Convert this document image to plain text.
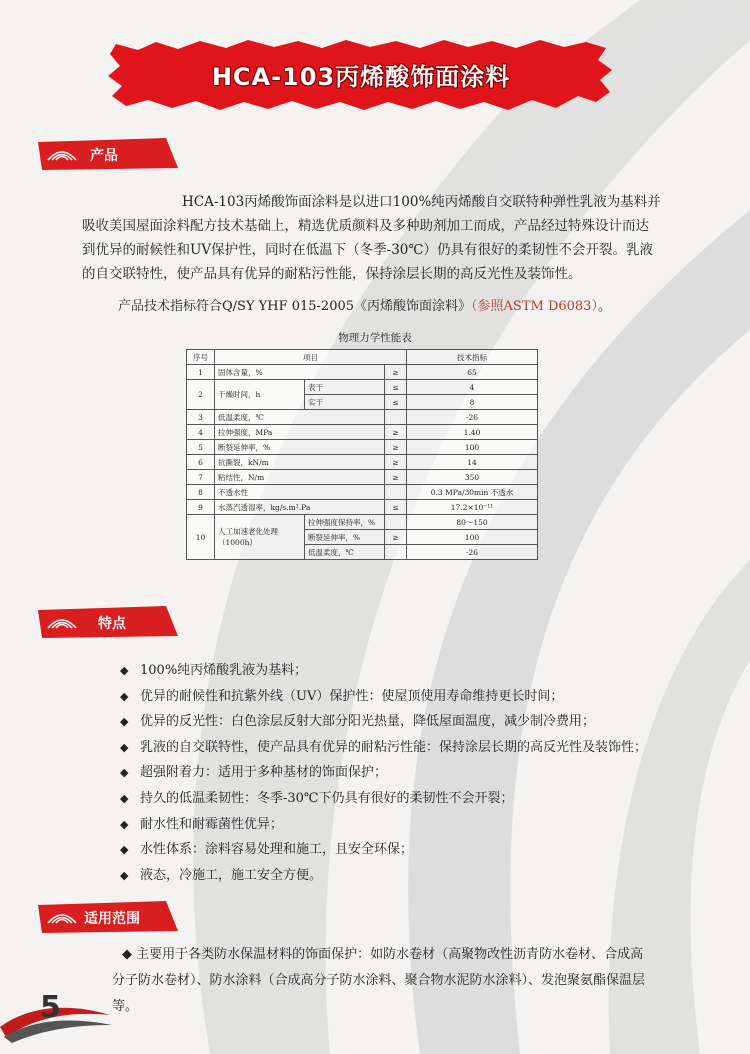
HCA-103丙烯酸饰面涂料
产品

HCA-103丙烯酸饰面涂料是以进口100%纯丙烯酸自交联特种弹性乳液为基料并吸收美国屋面涂料配方技术基础上，精选优质颜料及多种助剂加工而成，产品经过特殊设计而达到优异的耐候性和UV保护性，同时在低温下（冬季-30℃）仍具有很好的柔韧性不会开裂。乳液的自交联特性，使产品具有优异的耐粘污性能，保持涂层长期的高反光性及装饰性。

产品技术指标符合Q/SY YHF 015-2005《丙烯酸饰面涂料》（参照ASTM D6083）。
物理力学性能表
序号	项目			技术指标
1	固体含量，%		≥	65
2	干燥时间，h	表干	≤	4
		实干	≤	8
3	低温柔度，℃			-26
4	拉伸强度，MPa		≥	1.40
5	断裂延伸率，%		≥	100
6	抗撕裂，kN/m		≥	14
7	粘结性，N/m		≥	350
8	不透水性			0.3 MPa/30min 不透水
9	水蒸汽透湿率，kg/s.m².Pa		≤	17.2×10⁻¹¹
10	人工加速老化处理（1000h）	拉伸强度保持率，%		80～150
		断裂延伸率，%	≥	100
		低温柔度，℃		-26
特点
◆ 100%纯丙烯酸乳液为基料；
◆ 优异的耐候性和抗紫外线（UV）保护性：使屋顶使用寿命维持更长时间；
◆ 优异的反光性：白色涂层反射大部分阳光热量，降低屋面温度，减少制冷费用；
◆ 乳液的自交联特性，使产品具有优异的耐粘污性能：保持涂层长期的高反光性及装饰性；
◆ 超强附着力：适用于多种基材的饰面保护；
◆ 持久的低温柔韧性：冬季-30℃下仍具有很好的柔韧性不会开裂；
◆ 耐水性和耐霉菌性优异；
◆ 水性体系：涂料容易处理和施工，且安全环保；
◆ 液态，冷施工，施工安全方便。
适用范围

◆ 主要用于各类防水保温材料的饰面保护：如防水卷材（高聚物改性沥青防水卷材、合成高分子防水卷材）、防水涂料（合成高分子防水涂料、聚合物水泥防水涂料）、发泡聚氨酯保温层等。

5
